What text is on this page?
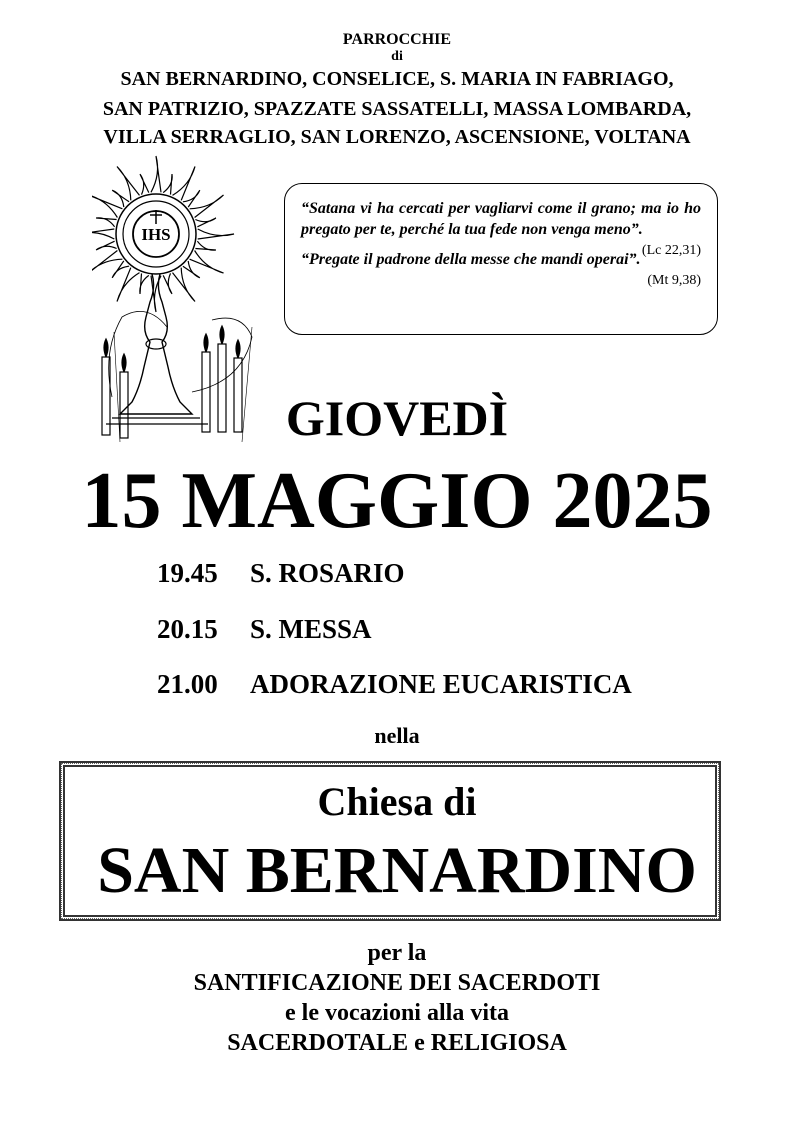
PARROCCHIE
di
SAN BERNARDINO, CONSELICE, S. MARIA IN FABRIAGO,
SAN PATRIZIO, SPAZZATE SASSATELLI, MASSA LOMBARDA,
VILLA SERRAGLIO, SAN LORENZO, ASCENSIONE, VOLTANA
IHS
“Satana vi ha cercati per vagliarvi come il grano; ma io ho pregato per te, perché la tua fede non venga meno”.
(Lc 22,31)
“Pregate il padrone della messe che mandi operai”.
(Mt 9,38)
GIOVEDÌ
15 MAGGIO 2025
19.45 S. ROSARIO
20.15 S. MESSA
21.00 ADORAZIONE EUCARISTICA
nella
Chiesa di
SAN BERNARDINO
per la
SANTIFICAZIONE DEI SACERDOTI
e le vocazioni alla vita
SACERDOTALE e RELIGIOSA
